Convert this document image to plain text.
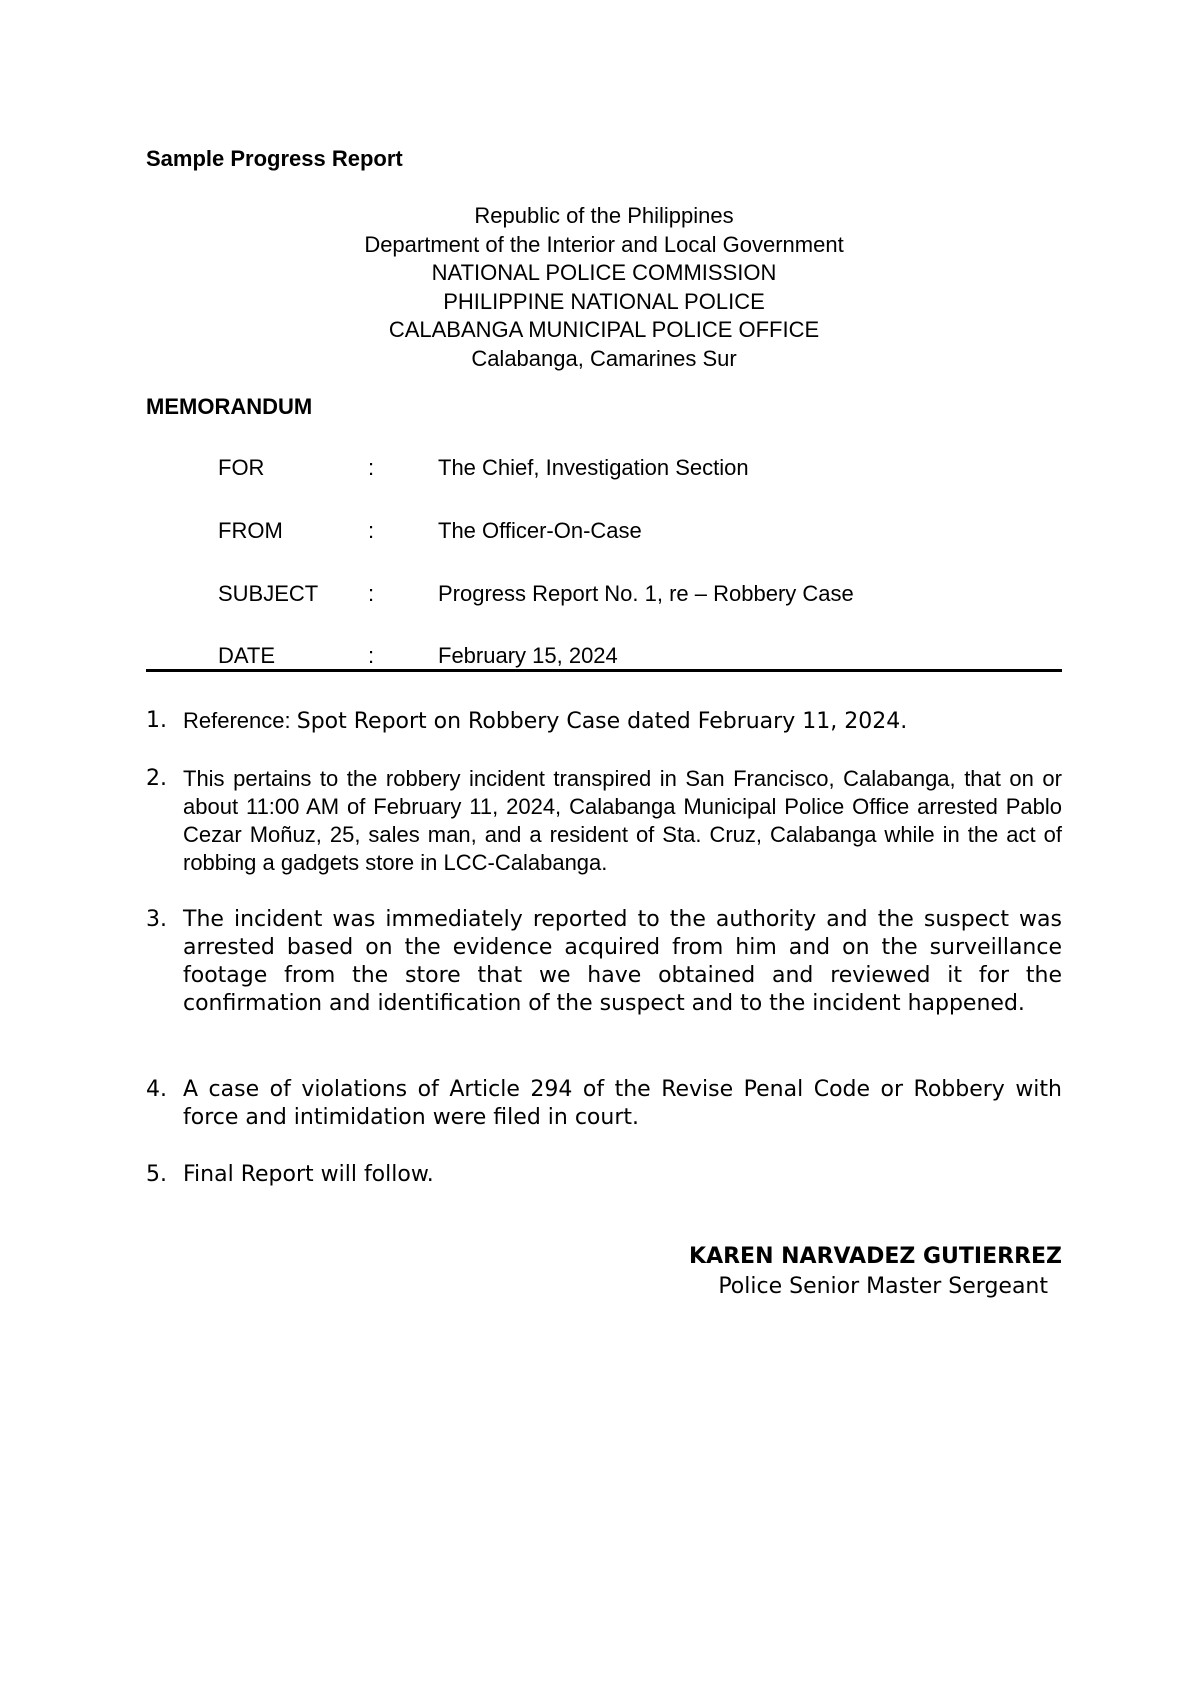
Sample Progress Report
Republic of the Philippines
Department of the Interior and Local Government
NATIONAL POLICE COMMISSION
PHILIPPINE NATIONAL POLICE
CALABANGA MUNICIPAL POLICE OFFICE
Calabanga, Camarines Sur
MEMORANDUM
FOR	:	The Chief, Investigation Section
FROM	:	The Officer-On-Case
SUBJECT :	Progress Report No. 1, re – Robbery Case
DATE	:	February 15, 2024
1. Reference: Spot Report on Robbery Case dated February 11, 2024.
2. This pertains to the robbery incident transpired in San Francisco, Calabanga, that on or about 11:00 AM of February 11, 2024, Calabanga Municipal Police Office arrested Pablo Cezar Moñuz, 25, sales man, and a resident of Sta. Cruz, Calabanga while in the act of robbing a gadgets store in LCC-Calabanga.
3. The incident was immediately reported to the authority and the suspect was arrested based on the evidence acquired from him and on the surveillance footage from the store that we have obtained and reviewed it for the confirmation and identification of the suspect and to the incident happened.
4. A case of violations of Article 294 of the Revise Penal Code or Robbery with force and intimidation were filed in court.
5. Final Report will follow.
KAREN NARVADEZ GUTIERREZ
Police Senior Master Sergeant
